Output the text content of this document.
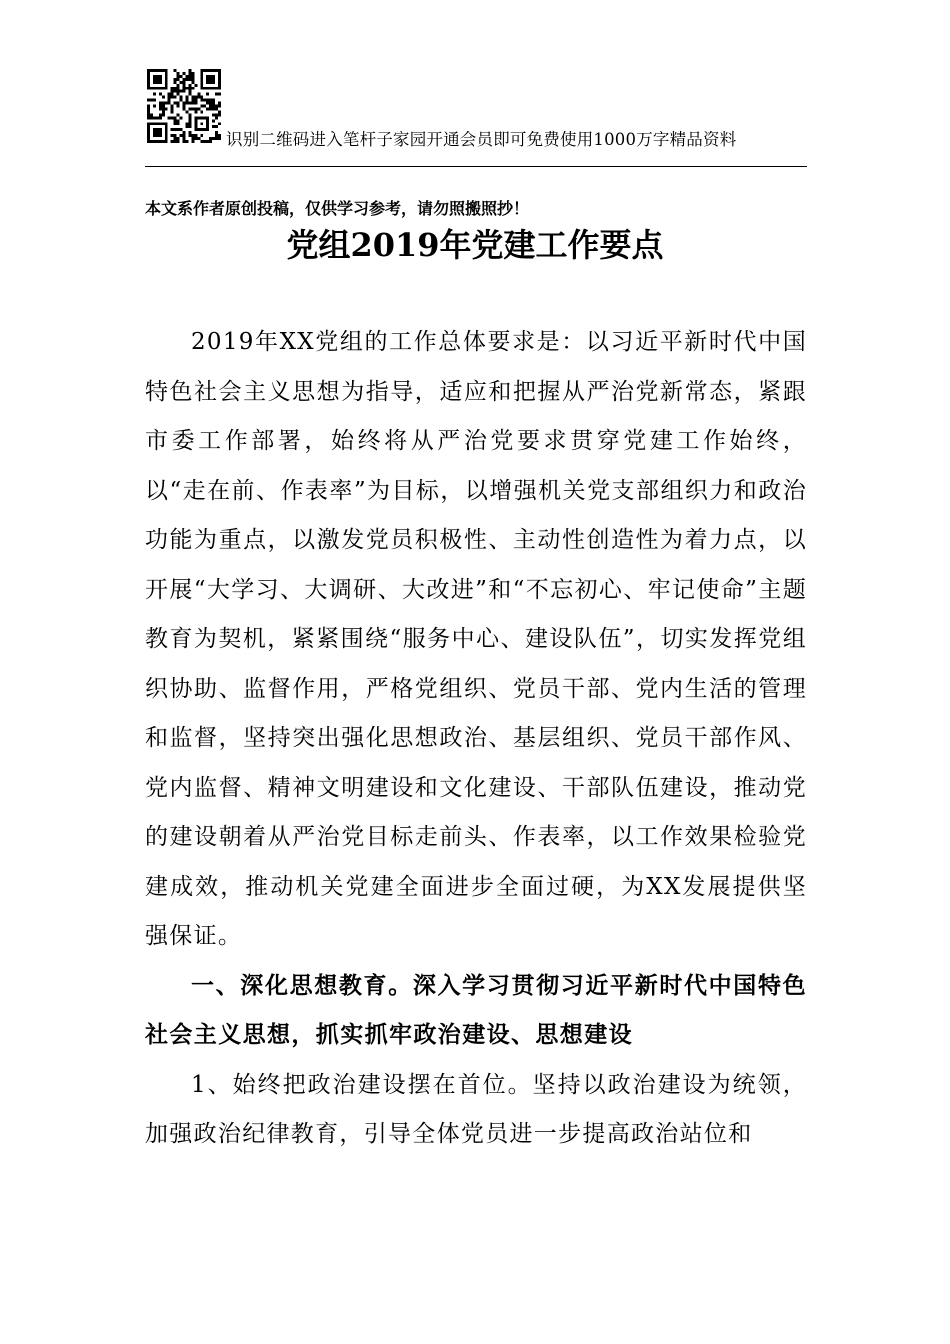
识别二维码进入笔杆子家园开通会员即可免费使用1000万字精品资料
本文系作者原创投稿，仅供学习参考，请勿照搬照抄！
党组2019年党建工作要点

2019年XX党组的工作总体要求是：以习近平新时代中国特色社会主义思想为指导，适应和把握从严治党新常态，紧跟市委工作部署，始终将从严治党要求贯穿党建工作始终，以“走在前、作表率”为目标，以增强机关党支部组织力和政治功能为重点，以激发党员积极性、主动性创造性为着力点，以开展“大学习、大调研、大改进”和“不忘初心、牢记使命”主题教育为契机，紧紧围绕“服务中心、建设队伍”，切实发挥党组织协助、监督作用，严格党组织、党员干部、党内生活的管理和监督，坚持突出强化思想政治、基层组织、党员干部作风、党内监督、精神文明建设和文化建设、干部队伍建设，推动党的建设朝着从严治党目标走前头、作表率，以工作效果检验党建成效，推动机关党建全面进步全面过硬，为XX发展提供坚强保证。

一、深化思想教育。深入学习贯彻习近平新时代中国特色社会主义思想，抓实抓牢政治建设、思想建设

1、始终把政治建设摆在首位。坚持以政治建设为统领，加强政治纪律教育，引导全体党员进一步提高政治站位和
